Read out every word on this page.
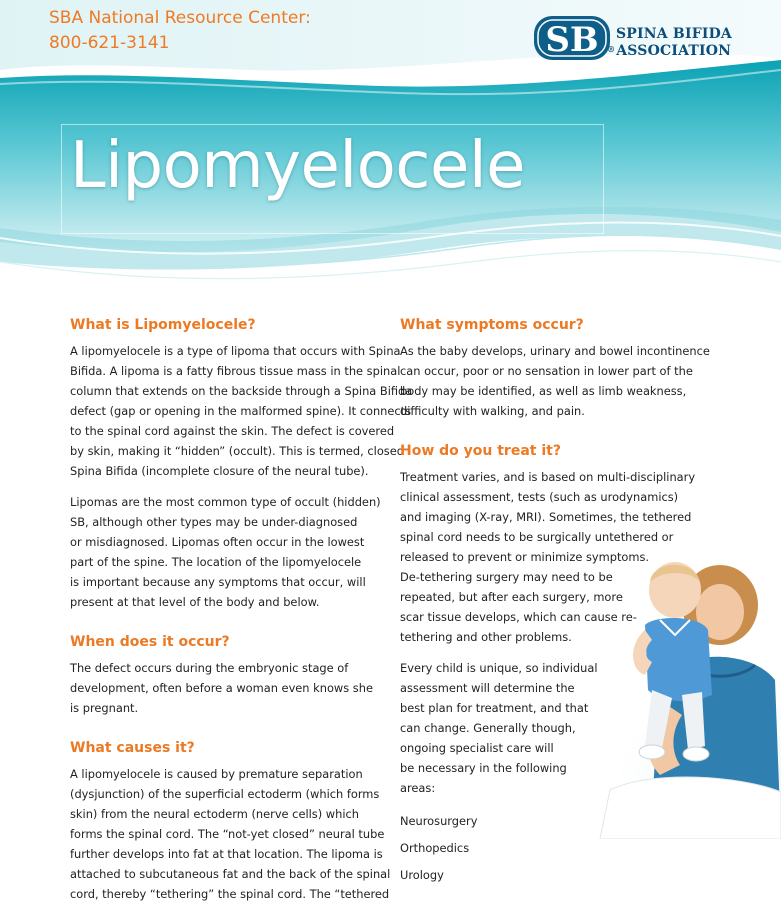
SBA National Resource Center:
800-621-3141	SB SPINA BIFIDA
®ASSOCIATION
Lipomyelocele
What is Lipomyelocele?

A lipomyelocele is a type of lipoma that occurs with Spina

Bifida. A lipoma is a fatty fibrous tissue mass in the spinal

column that extends on the backside through a Spina Bifida

defect (gap or opening in the malformed spine). It connects

to the spinal cord against the skin. The defect is covered

by skin, making it “hidden” (occult). This is termed, closed

Spina Bifida (incomplete closure of the neural tube).

Lipomas are the most common type of occult (hidden)

SB, although other types may be under-diagnosed

or misdiagnosed. Lipomas often occur in the lowest

part of the spine. The location of the lipomyelocele

is important because any symptoms that occur, will

present at that level of the body and below.

When does it occur?

The defect occurs during the embryonic stage of

development, often before a woman even knows she

is pregnant.

What causes it?

A lipomyelocele is caused by premature separation

(dysjunction) of the superficial ectoderm (which forms

skin) from the neural ectoderm (nerve cells) which

forms the spinal cord. The “not-yet closed” neural tube

further develops into fat at that location. The lipoma is

attached to subcutaneous fat and the back of the spinal

cord, thereby “tethering” the spinal cord. The “tethered

What symptoms occur?

As the baby develops, urinary and bowel incontinence

can occur, poor or no sensation in lower part of the

body may be identified, as well as limb weakness,

difficulty with walking, and pain.

How do you treat it?

Treatment varies, and is based on multi-disciplinary

clinical assessment, tests (such as urodynamics)

and imaging (X-ray, MRI). Sometimes, the tethered

spinal cord needs to be surgically untethered or

released to prevent or minimize symptoms.

De-tethering surgery may need to be

repeated, but after each surgery, more

scar tissue develops, which can cause re-

tethering and other problems.

Every child is unique, so individual

assessment will determine the

best plan for treatment, and that

can change. Generally though,

ongoing specialist care will

be necessary in the following

areas:

Neurosurgery

Orthopedics

Urology
